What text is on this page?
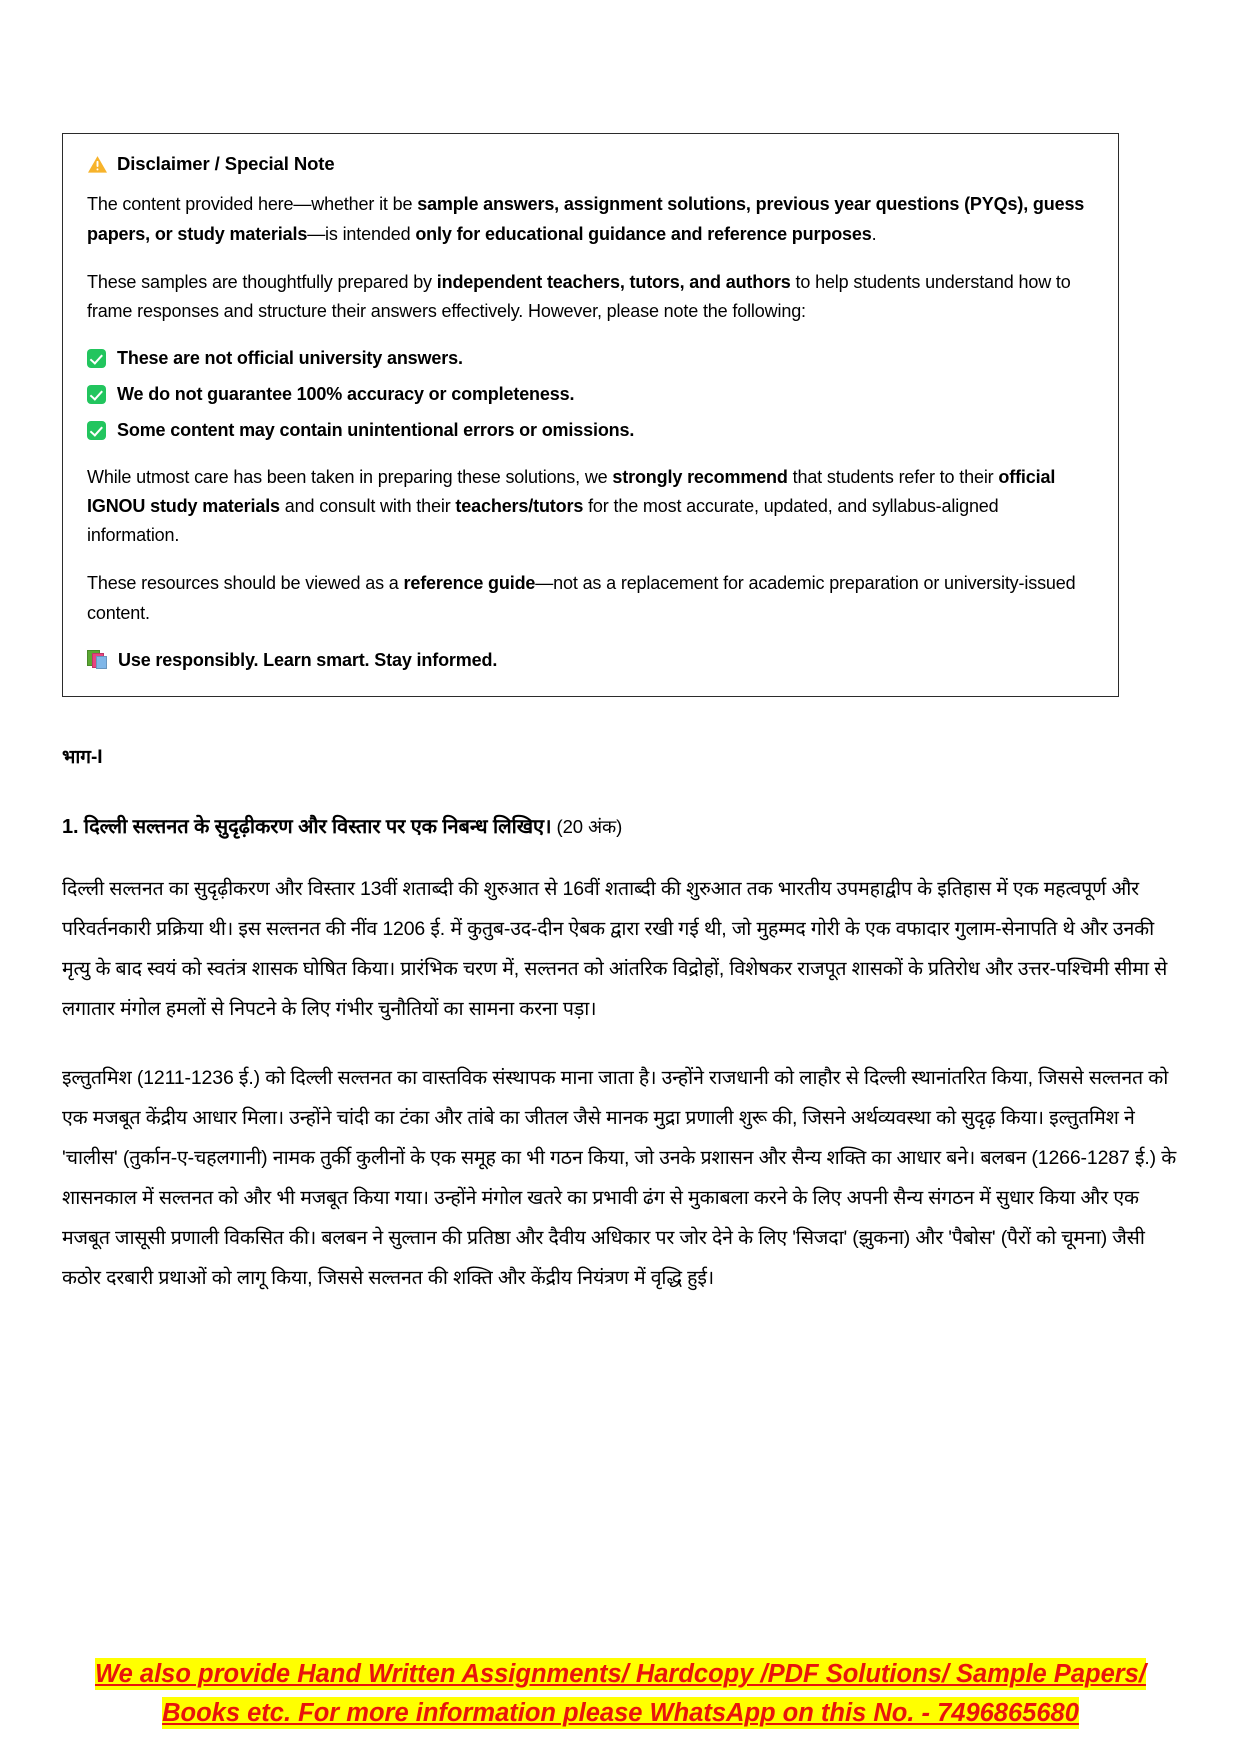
Disclaimer / Special Note

The content provided here—whether it be sample answers, assignment solutions, previous year questions (PYQs), guess papers, or study materials—is intended only for educational guidance and reference purposes.

These samples are thoughtfully prepared by independent teachers, tutors, and authors to help students understand how to frame responses and structure their answers effectively. However, please note the following:

These are not official university answers.
We do not guarantee 100% accuracy or completeness.
Some content may contain unintentional errors or omissions.

While utmost care has been taken in preparing these solutions, we strongly recommend that students refer to their official IGNOU study materials and consult with their teachers/tutors for the most accurate, updated, and syllabus-aligned information.

These resources should be viewed as a reference guide—not as a replacement for academic preparation or university-issued content.

Use responsibly. Learn smart. Stay informed.
भाग-I
1. दिल्ली सल्तनत के सुदृढ़ीकरण और विस्तार पर एक निबन्ध लिखिए। (20 अंक)

दिल्ली सल्तनत का सुदृढ़ीकरण और विस्तार 13वीं शताब्दी की शुरुआत से 16वीं शताब्दी की शुरुआत तक भारतीय उपमहाद्वीप के इतिहास में एक महत्वपूर्ण और परिवर्तनकारी प्रक्रिया थी। इस सल्तनत की नींव 1206 ई. में कुतुब-उद-दीन ऐबक द्वारा रखी गई थी, जो मुहम्मद गोरी के एक वफादार गुलाम-सेनापति थे और उनकी मृत्यु के बाद स्वयं को स्वतंत्र शासक घोषित किया। प्रारंभिक चरण में, सल्तनत को आंतरिक विद्रोहों, विशेषकर राजपूत शासकों के प्रतिरोध और उत्तर-पश्चिमी सीमा से लगातार मंगोल हमलों से निपटने के लिए गंभीर चुनौतियों का सामना करना पड़ा।

इल्तुतमिश (1211-1236 ई.) को दिल्ली सल्तनत का वास्तविक संस्थापक माना जाता है। उन्होंने राजधानी को लाहौर से दिल्ली स्थानांतरित किया, जिससे सल्तनत को एक मजबूत केंद्रीय आधार मिला। उन्होंने चांदी का टंका और तांबे का जीतल जैसे मानक मुद्रा प्रणाली शुरू की, जिसने अर्थव्यवस्था को सुदृढ़ किया। इल्तुतमिश ने 'चालीस' (तुर्कान-ए-चहलगानी) नामक तुर्की कुलीनों के एक समूह का भी गठन किया, जो उनके प्रशासन और सैन्य शक्ति का आधार बने। बलबन (1266-1287 ई.) के शासनकाल में सल्तनत को और भी मजबूत किया गया। उन्होंने मंगोल खतरे का प्रभावी ढंग से मुकाबला करने के लिए अपनी सैन्य संगठन में सुधार किया और एक मजबूत जासूसी प्रणाली विकसित की। बलबन ने सुल्तान की प्रतिष्ठा और दैवीय अधिकार पर जोर देने के लिए 'सिजदा' (झुकना) और 'पैबोस' (पैरों को चूमना) जैसी कठोर दरबारी प्रथाओं को लागू किया, जिससे सल्तनत की शक्ति और केंद्रीय नियंत्रण में वृद्धि हुई।

We also provide Hand Written Assignments/ Hardcopy /PDF Solutions/ Sample Papers/
Books etc. For more information please WhatsApp on this No. - 7496865680
